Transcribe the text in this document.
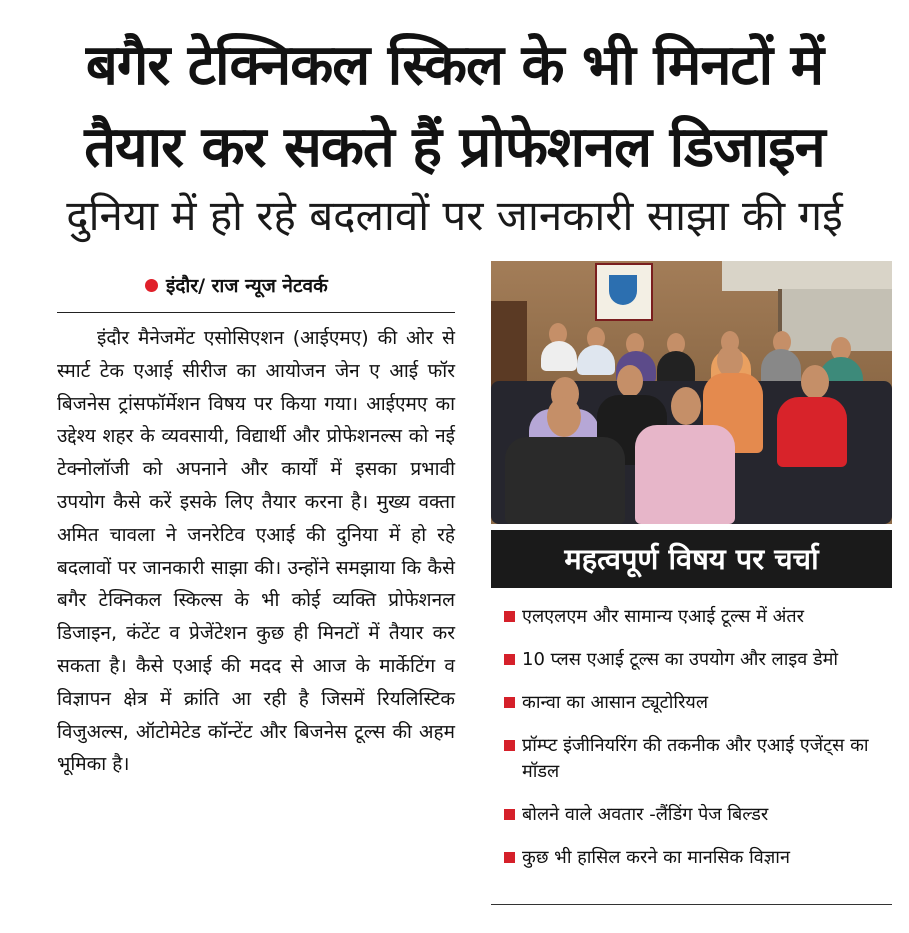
बगैर टेक्निकल स्किल के भी मिनटों में
तैयार कर सकते हैं प्रोफेशनल डिजाइन
दुनिया में हो रहे बदलावों पर जानकारी साझा की गई
इंदौर/ राज न्यूज नेटवर्क

इंदौर मैनेजमेंट एसोसिएशन (आईएमए) की ओर से स्मार्ट टेक एआई सीरीज का आयोजन जेन ए आई फॉर बिजनेस ट्रांसफॉर्मेशन विषय पर किया गया। आईएमए का उद्देश्य शहर के व्यवसायी, विद्यार्थी और प्रोफेशनल्स को नई टेक्नोलॉजी को अपनाने और कार्यों में इसका प्रभावी उपयोग कैसे करें इसके लिए तैयार करना है। मुख्य वक्ता अमित चावला ने जनरेटिव एआई की दुनिया में हो रहे बदलावों पर जानकारी साझा की। उन्होंने समझाया कि कैसे बगैर टेक्निकल स्किल्स के भी कोई व्यक्ति प्रोफेशनल डिजाइन, कंटेंट व प्रेजेंटेशन कुछ ही मिनटों में तैयार कर सकता है। कैसे एआई की मदद से आज के मार्केटिंग व विज्ञापन क्षेत्र में क्रांति आ रही है जिसमें रियलिस्टिक विजुअल्स, ऑटोमेटेड कॉन्टेंट और बिजनेस टूल्स की अहम भूमिका है।

महत्वपूर्ण विषय पर चर्चा
एलएलएम और सामान्य एआई टूल्स में अंतर
10 प्लस एआई टूल्स का उपयोग और लाइव डेमो
कान्वा का आसान ट्यूटोरियल
प्रॉम्प्ट इंजीनियरिंग की तकनीक और एआई एजेंट्स का मॉडल
बोलने वाले अवतार -लैंडिंग पेज बिल्डर
कुछ भी हासिल करने का मानसिक विज्ञान
